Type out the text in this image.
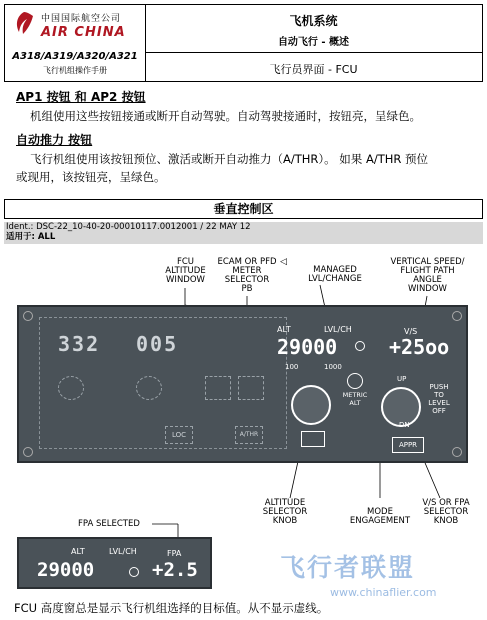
中国国际航空公司
AIR CHINA
A318/A319/A320/A321
飞行机组操作手册
飞机系统
自动飞行 - 概述
飞行员界面 - FCU
AP1 按钮 和 AP2 按钮
机组使用这些按钮接通或断开自动驾驶。自动驾驶接通时，按钮亮，呈绿色。
自动推力 按钮
飞行机组使用该按钮预位、激活或断开自动推力（A/THR）。 如果 A/THR 预位
或现用，该按钮亮，呈绿色。
垂直控制区
Ident.: DSC-22_10-40-20-00010117.0012001 / 22 MAY 12
适用于: ALL
FCU
ALTITUDE
WINDOW
ECAM OR PFD
METER
SELECTOR
PB
◁
MANAGED
LVL/CHANGE
VERTICAL SPEED/
FLIGHT PATH
ANGLE
WINDOW
332 005
LOC	A/THR
ALT	LVL/CH	V/S
29000	+25oo
100	1000
METRIC
ALT
UP
DN
PUSH
TO
LEVEL
OFF
APPR
ALTITUDE
SELECTOR
KNOB
MODE
ENGAGEMENT
V/S OR FPA
SELECTOR
KNOB
FPA SELECTED
ALT	LVL/CH	FPA
29000	+2.5	飞行者联盟
www.chinaflier.com
FCU 高度窗总是显示飞行机组选择的目标值。从不显示虚线。
